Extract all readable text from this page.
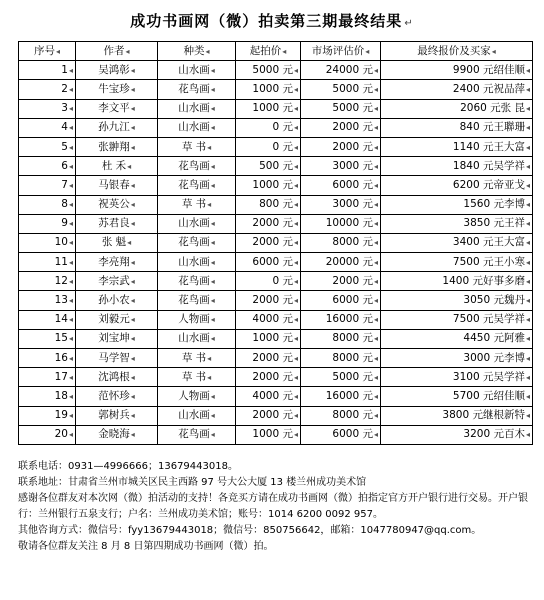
成功书画网（微）拍卖第三期最终结果 ↵
序号◂	作者◂	种类◂	起拍价◂	市场评估价◂	最终报价及买家◂
1◂	吴鸿彰◂	山水画◂	5000 元◂	24000 元◂	9900 元绍佳顺◂
2◂	牛宝珍◂	花鸟画◂	1000 元◂	5000 元◂	2400 元祝品萍◂
3◂	李文平◂	山水画◂	1000 元◂	5000 元◂	2060 元张 昆◂
4◂	孙九江◂	山水画◂	0 元◂	2000 元◂	840 元王聯珊◂
5◂	张翀翔◂	草 书◂	0 元◂	2000 元◂	1140 元王大富◂
6◂	杜 禾◂	花鸟画◂	500 元◂	3000 元◂	1840 元吴学祥◂
7◂	马银春◂	花鸟画◂	1000 元◂	6000 元◂	6200 元帝亚戈◂
8◂	祝英公◂	草 书◂	800 元◂	3000 元◂	1560 元李博◂
9◂	苏君良◂	山水画◂	2000 元◂	10000 元◂	3850 元王祥◂
10◂	张 魁◂	花鸟画◂	2000 元◂	8000 元◂	3400 元王大富◂
11◂	李亮翔◂	山水画◂	6000 元◂	20000 元◂	7500 元王小寒◂
12◂	李宗武◂	花鸟画◂	0 元◂	2000 元◂	1400 元好事多磨◂
13◂	孙小农◂	花鸟画◂	2000 元◂	6000 元◂	3050 元魏丹◂
14◂	刘毅元◂	人物画◂	4000 元◂	16000 元◂	7500 元吴学祥◂
15◂	刘宝坤◂	山水画◂	1000 元◂	8000 元◂	4450 元阿雅◂
16◂	马学智◂	草 书◂	2000 元◂	8000 元◂	3000 元李博◂
17◂	沈鸿根◂	草 书◂	2000 元◂	5000 元◂	3100 元吴学祥◂
18◂	范怀珍◂	人物画◂	4000 元◂	16000 元◂	5700 元绍佳顺◂
19◂	郭树兵◂	山水画◂	2000 元◂	8000 元◂	3800 元继根新特◂
20◂	金晓海◂	花鸟画◂	1000 元◂	6000 元◂	3200 元百木◂

联系电话：0931—4996666；13679443018。

联系地址：甘肃省兰州市城关区民主西路 97 号大公大厦 13 楼兰州成功美术馆

感谢各位群友对本次网（微）拍活动的支持！各竞买方请在成功书画网（微）拍指定官方开户银行进行交易。开户银行：兰州银行五泉支行；户名：兰州成功美术馆；账号：1014 6200 0092 957。

其他咨询方式：微信号：fyy13679443018；微信号：850756642，邮箱：1047780947@qq.com。

敬请各位群友关注 8 月 8 日第四期成功书画网（微）拍。
